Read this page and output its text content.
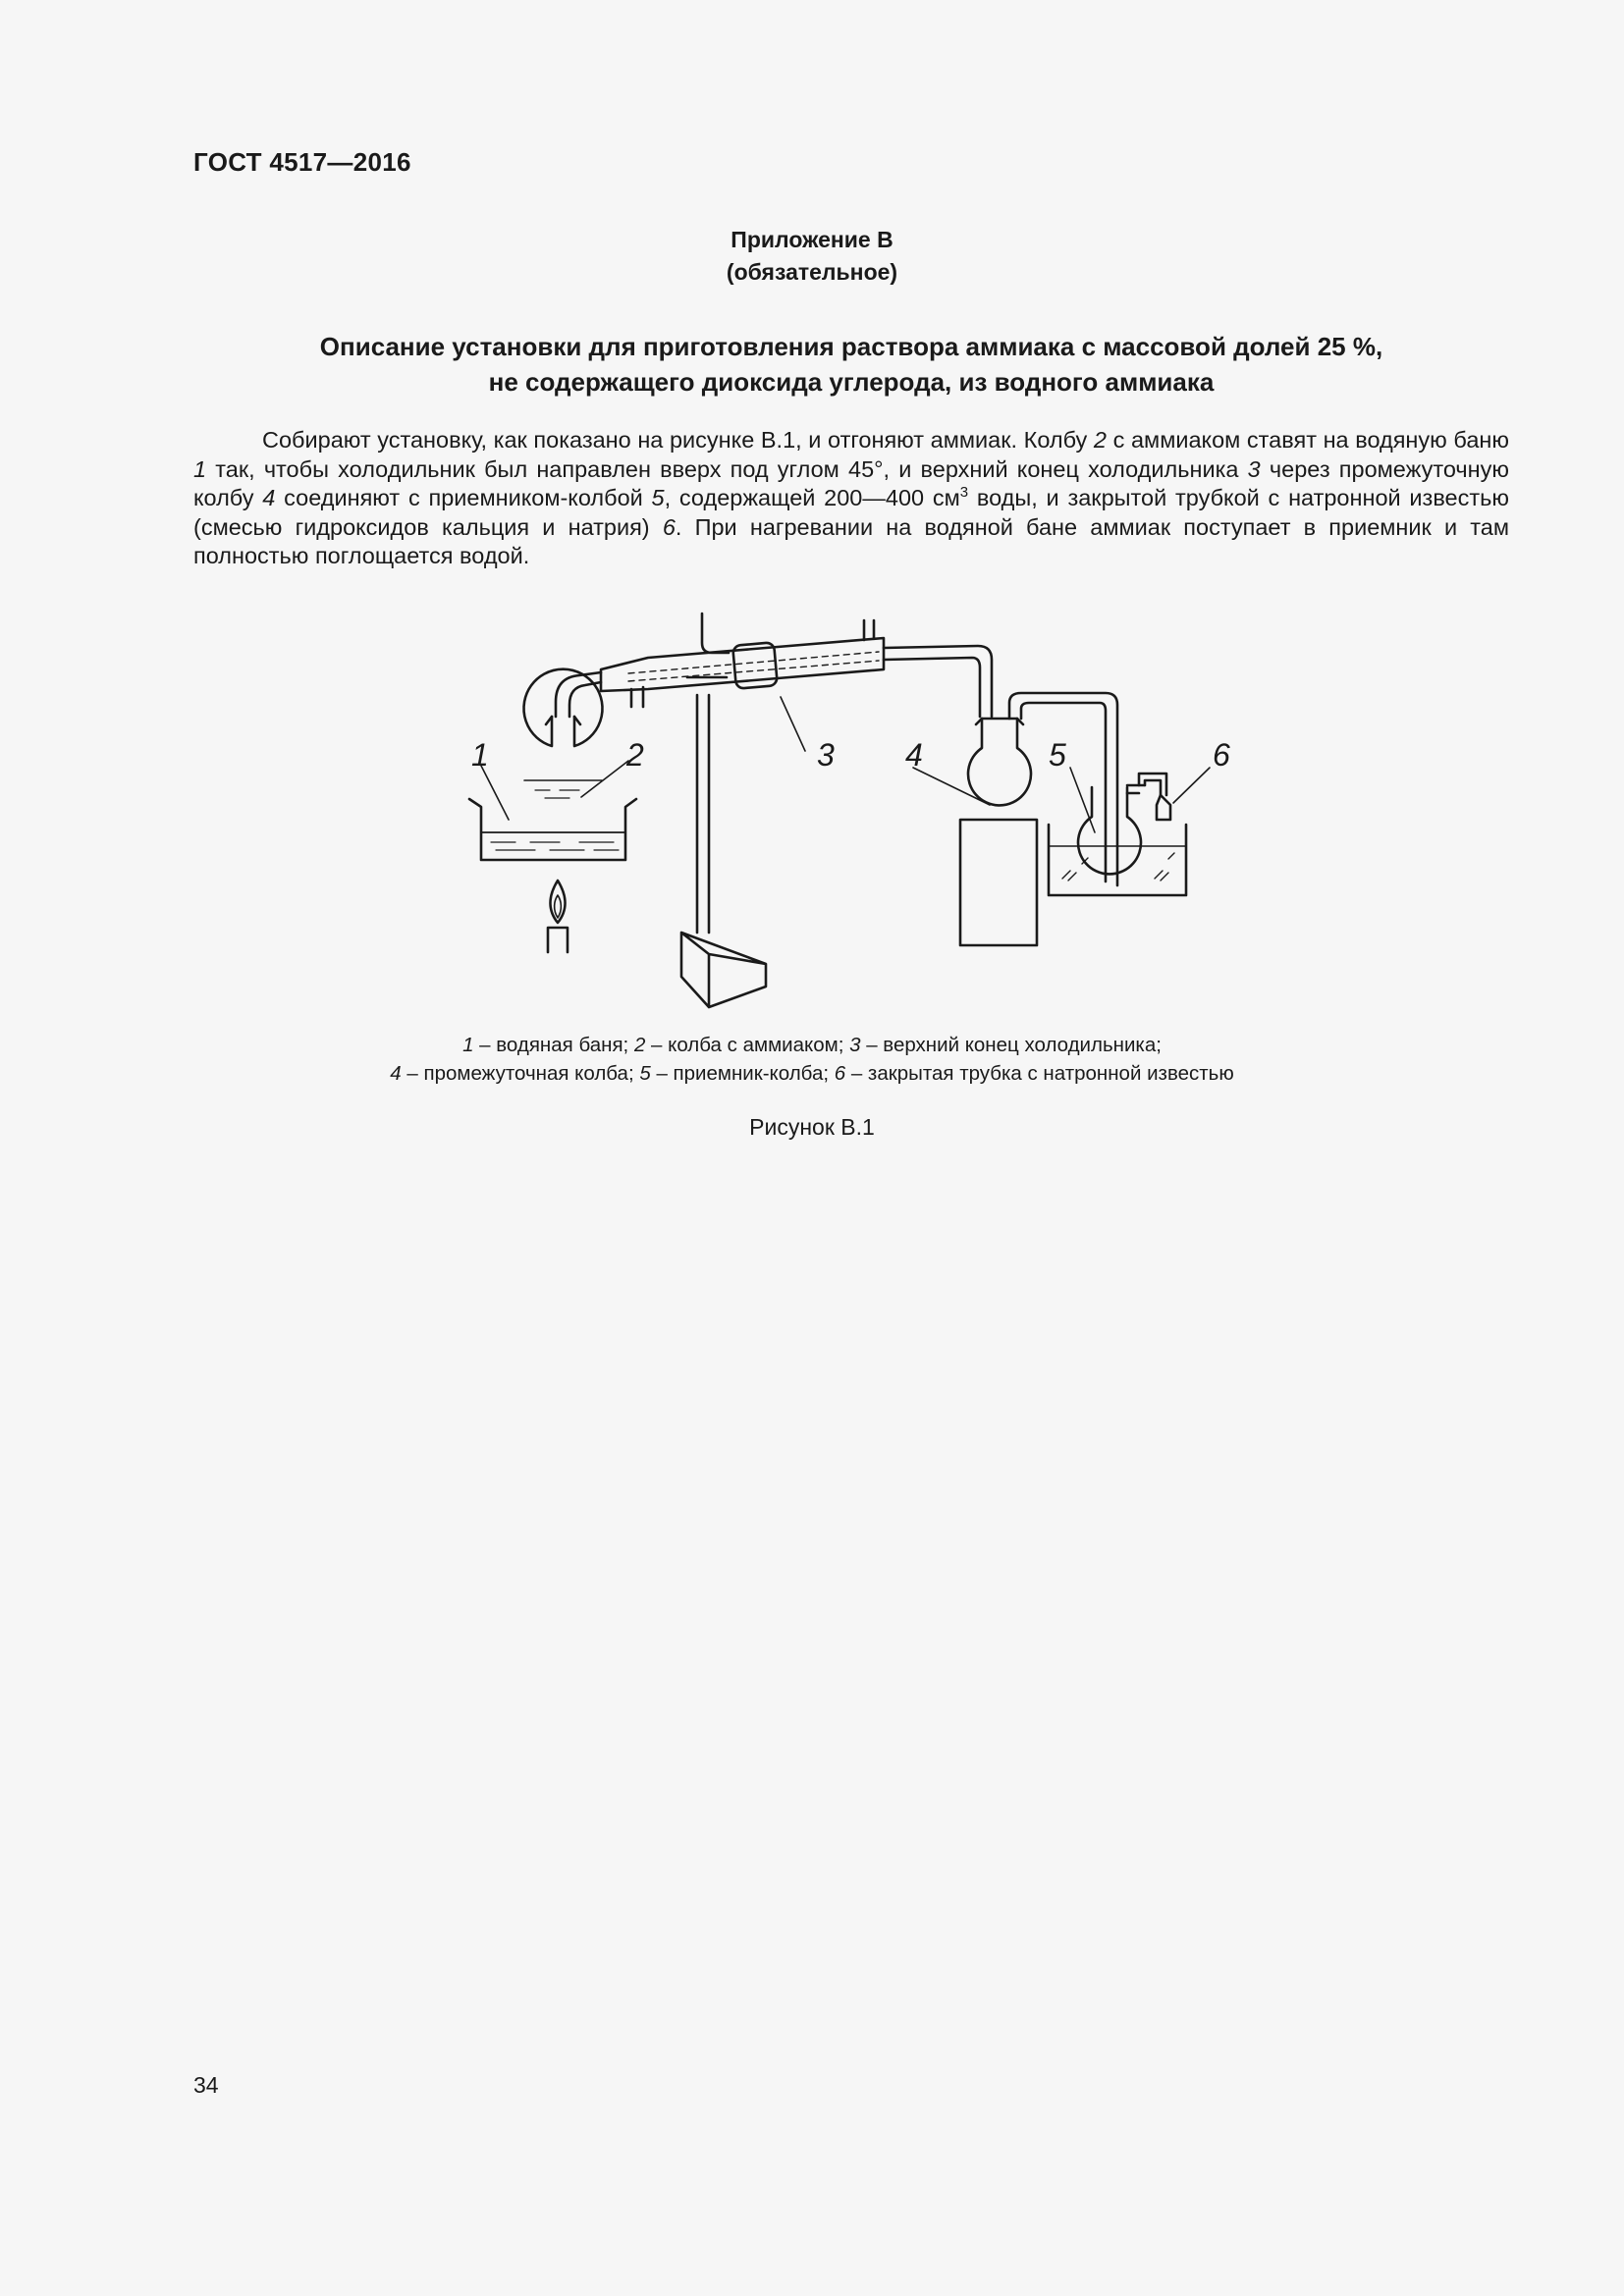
ГОСТ 4517—2016
Приложение В
(обязательное)
Описание установки для приготовления раствора аммиака с массовой долей 25 %,
не содержащего диоксида углерода, из водного аммиака

Собирают установку, как показано на рисунке В.1, и отгоняют аммиак. Колбу 2 с аммиаком ставят на водяную баню 1 так, чтобы холодильник был направлен вверх под углом 45°, и верхний конец холодильника 3 через промежуточную колбу 4 соединяют с приемником-колбой 5, содержащей 200—400 $см^3$ воды, и закрытой трубкой с натронной известью (смесью гидроксидов кальция и натрия) 6. При нагревании на водяной бане аммиак поступает в приемник и там полностью поглощается водой.

1	2	3 4	5	6
1 – водяная баня; 2 – колба с аммиаком; 3 – верхний конец холодильника;
4 – промежуточная колба; 5 – приемник-колба; 6 – закрытая трубка с натронной известью
Рисунок В.1
34
